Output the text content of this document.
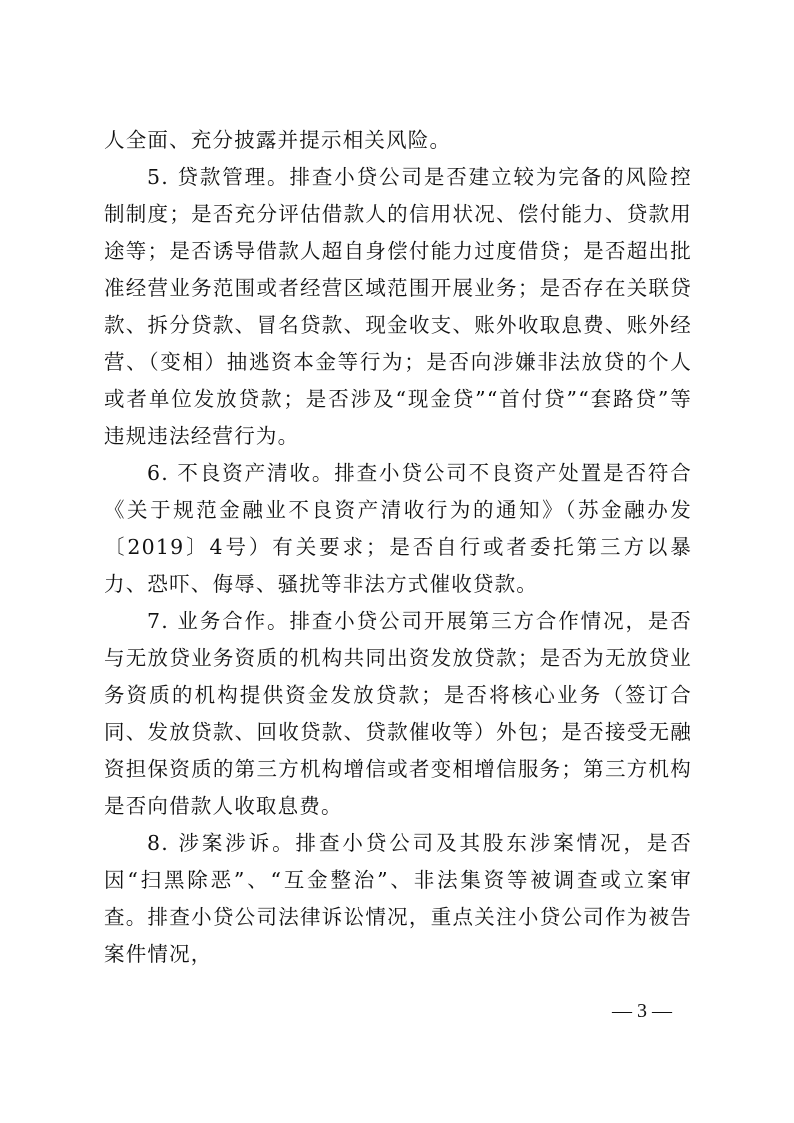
人全面、充分披露并提示相关风险。

5. 贷款管理。排查小贷公司是否建立较为完备的风险控制制度；是否充分评估借款人的信用状况、偿付能力、贷款用途等；是否诱导借款人超自身偿付能力过度借贷；是否超出批准经营业务范围或者经营区域范围开展业务；是否存在关联贷款、拆分贷款、冒名贷款、现金收支、账外收取息费、账外经营、（变相）抽逃资本金等行为；是否向涉嫌非法放贷的个人或者单位发放贷款；是否涉及“现金贷”“首付贷”“套路贷”等违规违法经营行为。

6. 不良资产清收。排查小贷公司不良资产处置是否符合《关于规范金融业不良资产清收行为的通知》（苏金融办发〔2019〕4号）有关要求；是否自行或者委托第三方以暴力、恐吓、侮辱、骚扰等非法方式催收贷款。

7. 业务合作。排查小贷公司开展第三方合作情况，是否与无放贷业务资质的机构共同出资发放贷款；是否为无放贷业务资质的机构提供资金发放贷款；是否将核心业务（签订合同、发放贷款、回收贷款、贷款催收等）外包；是否接受无融资担保资质的第三方机构增信或者变相增信服务；第三方机构是否向借款人收取息费。

8. 涉案涉诉。排查小贷公司及其股东涉案情况，是否因“扫黑除恶”、“互金整治”、非法集资等被调查或立案审查。排查小贷公司法律诉讼情况，重点关注小贷公司作为被告案件情况，

— 3 —
